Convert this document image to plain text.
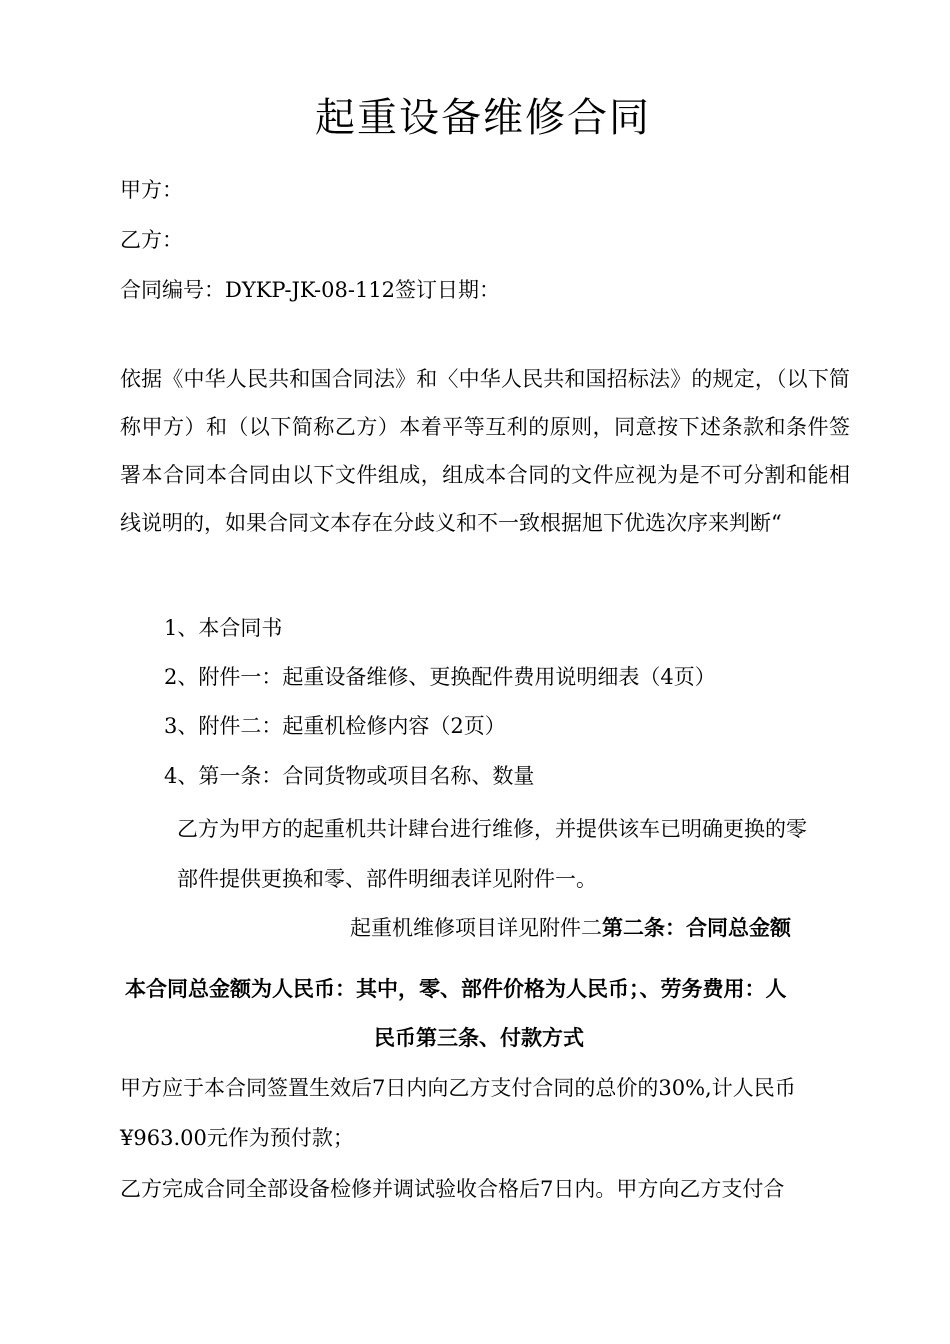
起重设备维修合同
甲方：
乙方：
合同编号：DYKP-JK-08-112签订日期：
依据《中华人民共和国合同法》和〈中华人民共和国招标法》的规定，（以下简称甲方）和（以下简称乙方）本着平等互利的原则，同意按下述条款和条件签署本合同本合同由以下文件组成，组成本合同的文件应视为是不可分割和能相线说明的，如果合同文本存在分歧义和不一致根据旭下优选次序来判断“
1、本合同书
2、附件一：起重设备维修、更换配件费用说明细表（4页）
3、附件二：起重机检修内容（2页）
4、第一条：合同货物或项目名称、数量
乙方为甲方的起重机共计肆台进行维修，并提供该车已明确更换的零
部件提供更换和零、部件明细表详见附件一。
起重机维修项目详见附件二第二条：合同总金额
本合同总金额为人民币：其中，零、部件价格为人民币；、劳务费用：人
民币第三条、付款方式
甲方应于本合同签置生效后7日内向乙方支付合同的总价的30%,计人民币
¥963.00元作为预付款；
乙方完成合同全部设备检修并调试验收合格后7日内。甲方向乙方支付合
